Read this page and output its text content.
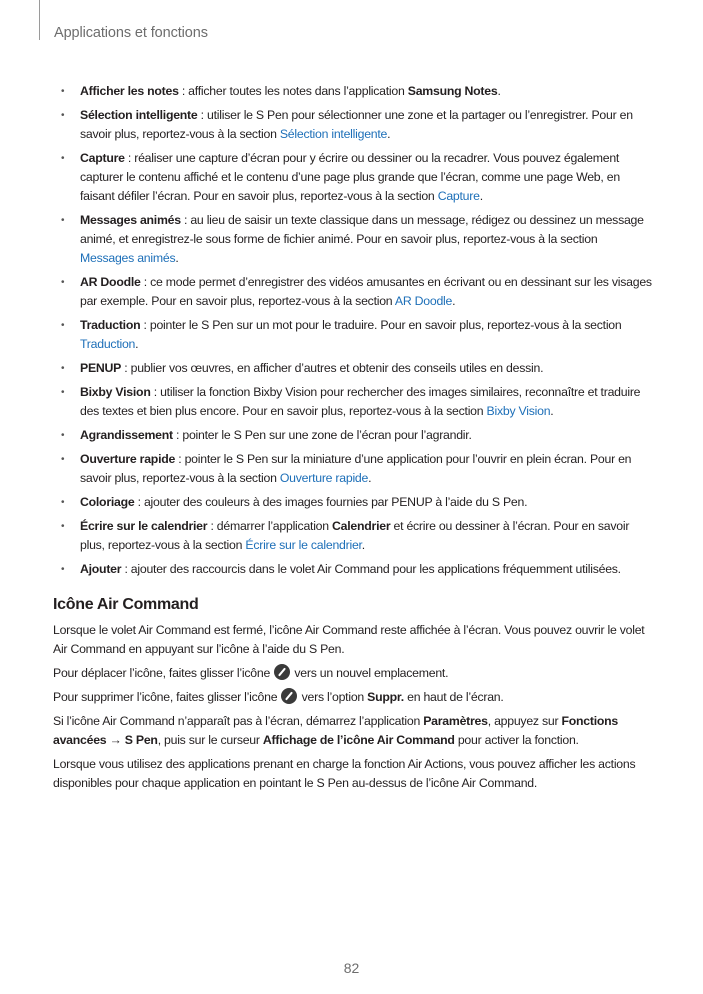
Applications et fonctions
• Afficher les notes : afficher toutes les notes dans l’application Samsung Notes.
• Sélection intelligente : utiliser le S Pen pour sélectionner une zone et la partager ou l’enregistrer. Pour en savoir plus, reportez-vous à la section Sélection intelligente.
• Capture : réaliser une capture d’écran pour y écrire ou dessiner ou la recadrer. Vous pouvez également capturer le contenu affiché et le contenu d’une page plus grande que l’écran, comme une page Web, en faisant défiler l’écran. Pour en savoir plus, reportez-vous à la section Capture.
• Messages animés : au lieu de saisir un texte classique dans un message, rédigez ou dessinez un message animé, et enregistrez-le sous forme de fichier animé. Pour en savoir plus, reportez-vous à la section Messages animés.
• AR Doodle : ce mode permet d’enregistrer des vidéos amusantes en écrivant ou en dessinant sur les visages par exemple. Pour en savoir plus, reportez-vous à la section AR Doodle.
• Traduction : pointer le S Pen sur un mot pour le traduire. Pour en savoir plus, reportez-vous à la section Traduction.
• PENUP : publier vos œuvres, en afficher d’autres et obtenir des conseils utiles en dessin.
• Bixby Vision : utiliser la fonction Bixby Vision pour rechercher des images similaires, reconnaître et traduire des textes et bien plus encore. Pour en savoir plus, reportez-vous à la section Bixby Vision.
• Agrandissement : pointer le S Pen sur une zone de l’écran pour l’agrandir.
• Ouverture rapide : pointer le S Pen sur la miniature d’une application pour l’ouvrir en plein écran. Pour en savoir plus, reportez-vous à la section Ouverture rapide.
• Coloriage : ajouter des couleurs à des images fournies par PENUP à l’aide du S Pen.
• Écrire sur le calendrier : démarrer l’application Calendrier et écrire ou dessiner à l’écran. Pour en savoir plus, reportez-vous à la section Écrire sur le calendrier.
• Ajouter : ajouter des raccourcis dans le volet Air Command pour les applications fréquemment utilisées.
Icône Air Command

Lorsque le volet Air Command est fermé, l’icône Air Command reste affichée à l’écran. Vous pouvez ouvrir le volet Air Command en appuyant sur l’icône à l’aide du S Pen.

Pour déplacer l’icône, faites glisser l’icône  vers un nouvel emplacement.

Pour supprimer l’icône, faites glisser l’icône  vers l’option Suppr. en haut de l’écran.

Si l’icône Air Command n’apparaît pas à l’écran, démarrez l’application Paramètres, appuyez sur Fonctions avancées → S Pen, puis sur le curseur Affichage de l’icône Air Command pour activer la fonction.

Lorsque vous utilisez des applications prenant en charge la fonction Air Actions, vous pouvez afficher les actions disponibles pour chaque application en pointant le S Pen au-dessus de l’icône Air Command.

82
